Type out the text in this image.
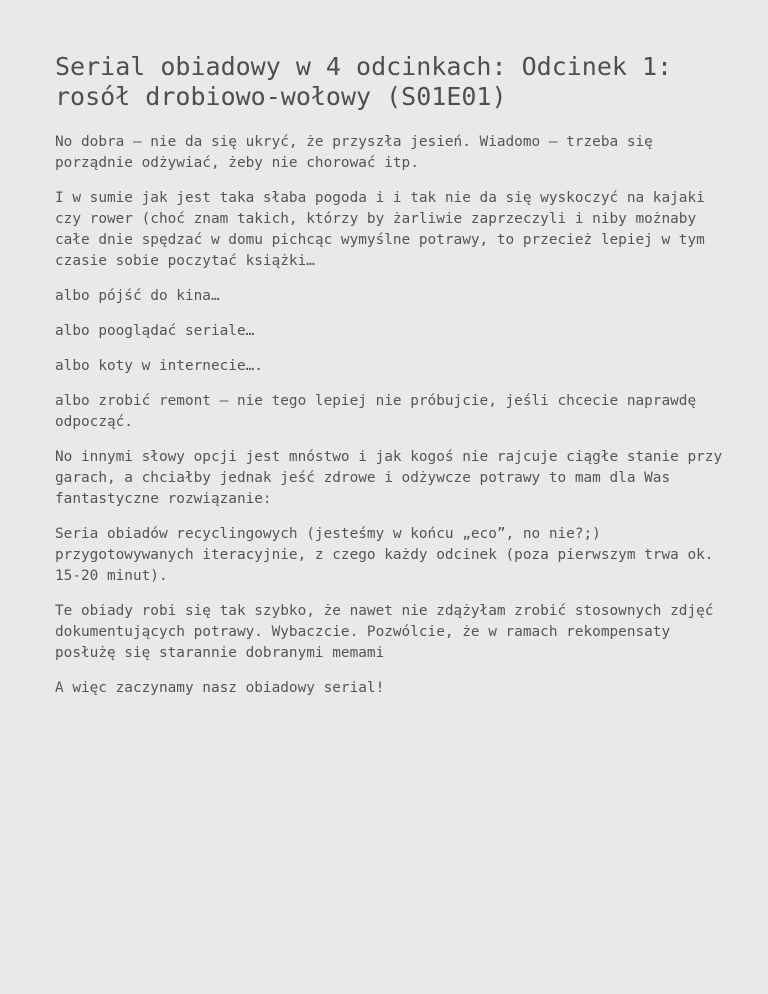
Serial obiadowy w 4 odcinkach: Odcinek 1: rosół drobiowo-wołowy (S01E01)

No dobra – nie da się ukryć, że przyszła jesień. Wiadomo – trzeba się porządnie odżywiać, żeby nie chorować itp.

I w sumie jak jest taka słaba pogoda i i tak nie da się wyskoczyć na kajaki czy rower (choć znam takich, którzy by żarliwie zaprzeczyli i niby możnaby całe dnie spędzać w domu pichcąc wymyślne potrawy, to przecież lepiej w tym czasie sobie poczytać książki…

albo pójść do kina…

albo pooglądać seriale…

albo koty w internecie….

albo zrobić remont – nie tego lepiej nie próbujcie, jeśli chcecie naprawdę odpocząć.

No innymi słowy opcji jest mnóstwo i jak kogoś nie rajcuje ciągłe stanie przy garach, a chciałby jednak jeść zdrowe i odżywcze potrawy to mam dla Was fantastyczne rozwiązanie:

Seria obiadów recyclingowych (jesteśmy w końcu „eco”, no nie?;) przygotowywanych iteracyjnie, z czego każdy odcinek (poza pierwszym trwa ok. 15-20 minut).

Te obiady robi się tak szybko, że nawet nie zdążyłam zrobić stosownych zdjęć dokumentujących potrawy. Wybaczcie. Pozwólcie, że w ramach rekompensaty posłużę się starannie dobranymi memami

A więc zaczynamy nasz obiadowy serial!
